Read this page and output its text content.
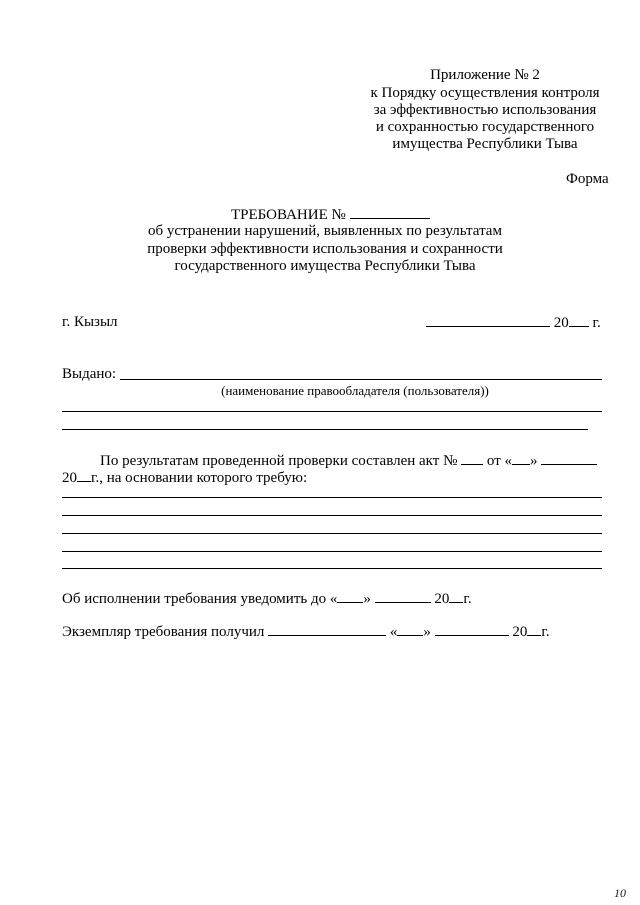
Приложение № 2
к Порядку осуществления контроля
за эффективностью использования
и сохранностью государственного
имущества Республики Тыва
Форма
ТРЕБОВАНИЕ №
об устранении нарушений, выявленных по результатам
проверки эффективности использования и сохранности
государственного имущества Республики Тыва
г. Кызыл	20 г.
Выдано:
(наименование правообладателя (пользователя))
По результатам проведенной проверки составлен акт № от « »
20 г., на основании которого требую:
Об исполнении требования уведомить до « »	20 г.
Экземпляр требования получил	« »	20 г.
10
